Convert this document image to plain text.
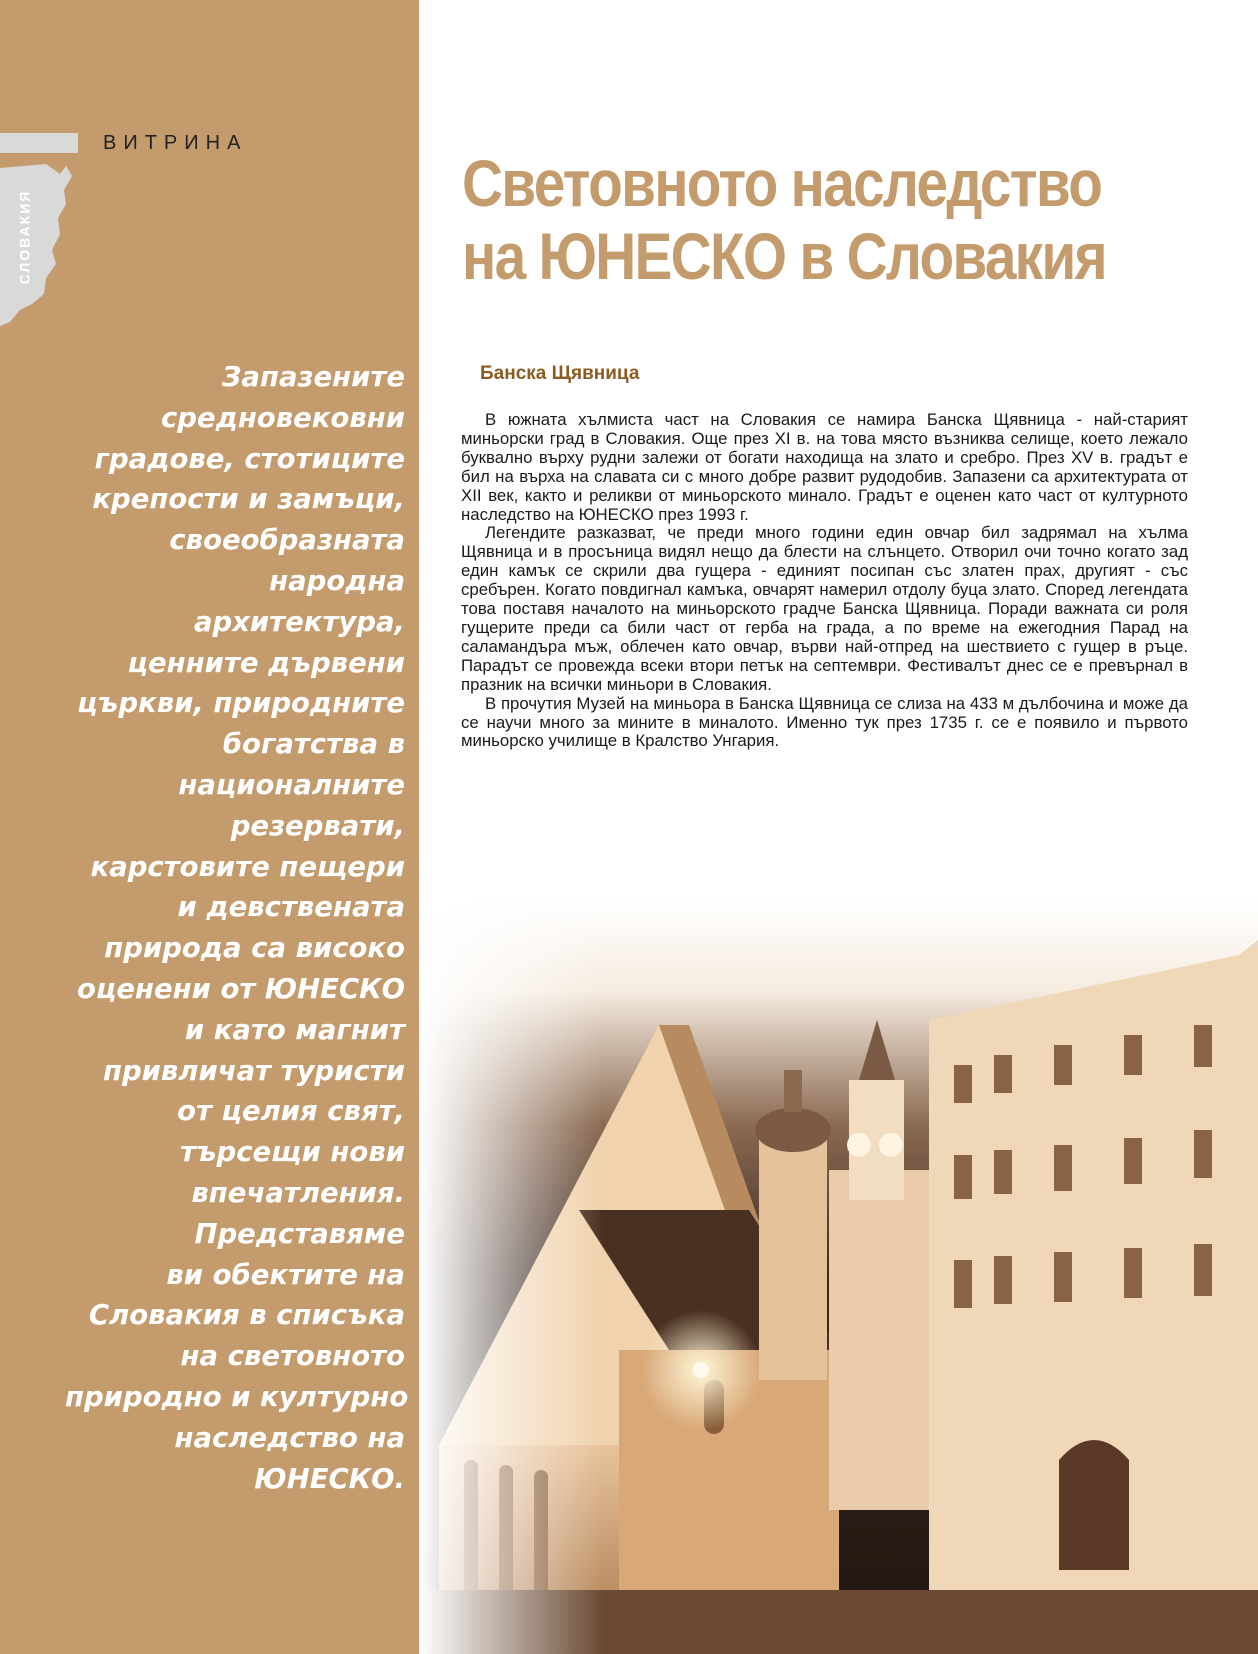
ВИТРИНА
СЛОВАКИЯ
Запазените
средновековни
градове, стотиците
крепости и замъци,
своеобразната
народна
архитектура,
ценните дървени
църкви, природните
богатства в
националните
резервати,
карстовите пещери
и девствената
природа са високо
оценени от ЮНЕСКО
и като магнит
привличат туристи
от целия свят,
търсещи нови
впечатления.
Представяме
ви обектите на
Словакия в списъка
на световното
природно и културно
наследство на
ЮНЕСКО.
Световното наследство
на ЮНЕСКО в Словакия
Банска Щявница

В южната хълмиста част на Словакия се намира Банска Щявница - най-старият миньорски град в Словакия. Още през XI в. на това място възниква селище, което лежало буквално върху рудни залежи от богати находища на злато и сребро. През XV в. градът е бил на върха на славата си с много добре развит рудодобив. Запазени са архитектурата от XII век, както и реликви от миньорското минало. Градът е оценен като част от културното наследство на ЮНЕСКО през 1993 г.

Легендите разказват, че преди много години един овчар бил задрямал на хълма Щявница и в просъница видял нещо да блести на слънцето. Отворил очи точно когато зад един камък се скрили два гущера - единият посипан със златен прах, другият - със сребърен. Когато повдигнал камъка, овчарят намерил отдолу буца злато. Според легендата това поставя началото на миньорското градче Банска Щявница. Поради важната си роля гущерите преди са били част от герба на града, а по време на ежегодния Парад на саламандъра мъж, облечен като овчар, върви най-отпред на шествието с гущер в ръце. Парадът се провежда всеки втори петък на септември. Фестивалът днес се е превърнал в празник на всички миньори в Словакия.

В прочутия Музей на миньора в Банска Щявница се слиза на 433 м дълбочина и може да се научи много за мините в миналото. Именно тук през 1735 г. се е появило и първото миньорско училище в Кралство Унгария.
